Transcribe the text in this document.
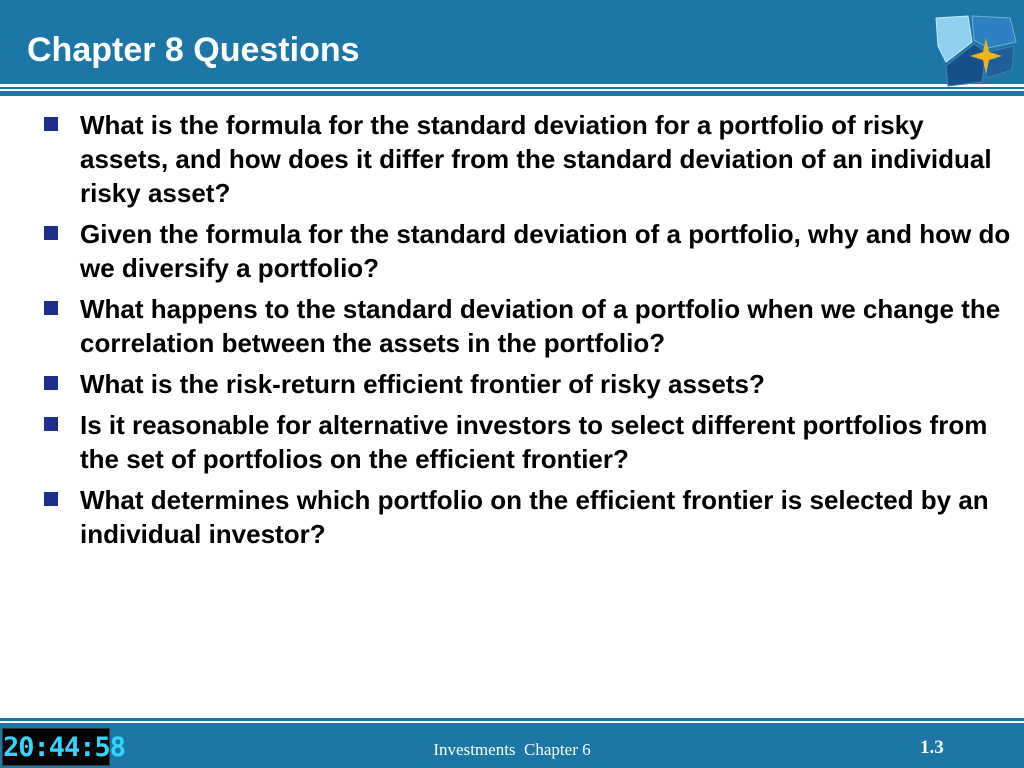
Chapter 8 Questions
What is the formula for the standard deviation for a portfolio of risky assets, and how does it differ from the standard deviation of an individual risky asset?
Given the formula for the standard deviation of a portfolio, why and how do we diversify a portfolio?
What happens to the standard deviation of a portfolio when we change the correlation between the assets in the portfolio?
What is the risk-return efficient frontier of risky assets?
Is it reasonable for alternative investors to select different portfolios from the set of portfolios on the efficient frontier?
What determines which portfolio on the efficient frontier is selected by an individual investor?
20:44:58	Investments  Chapter 6	1.3
